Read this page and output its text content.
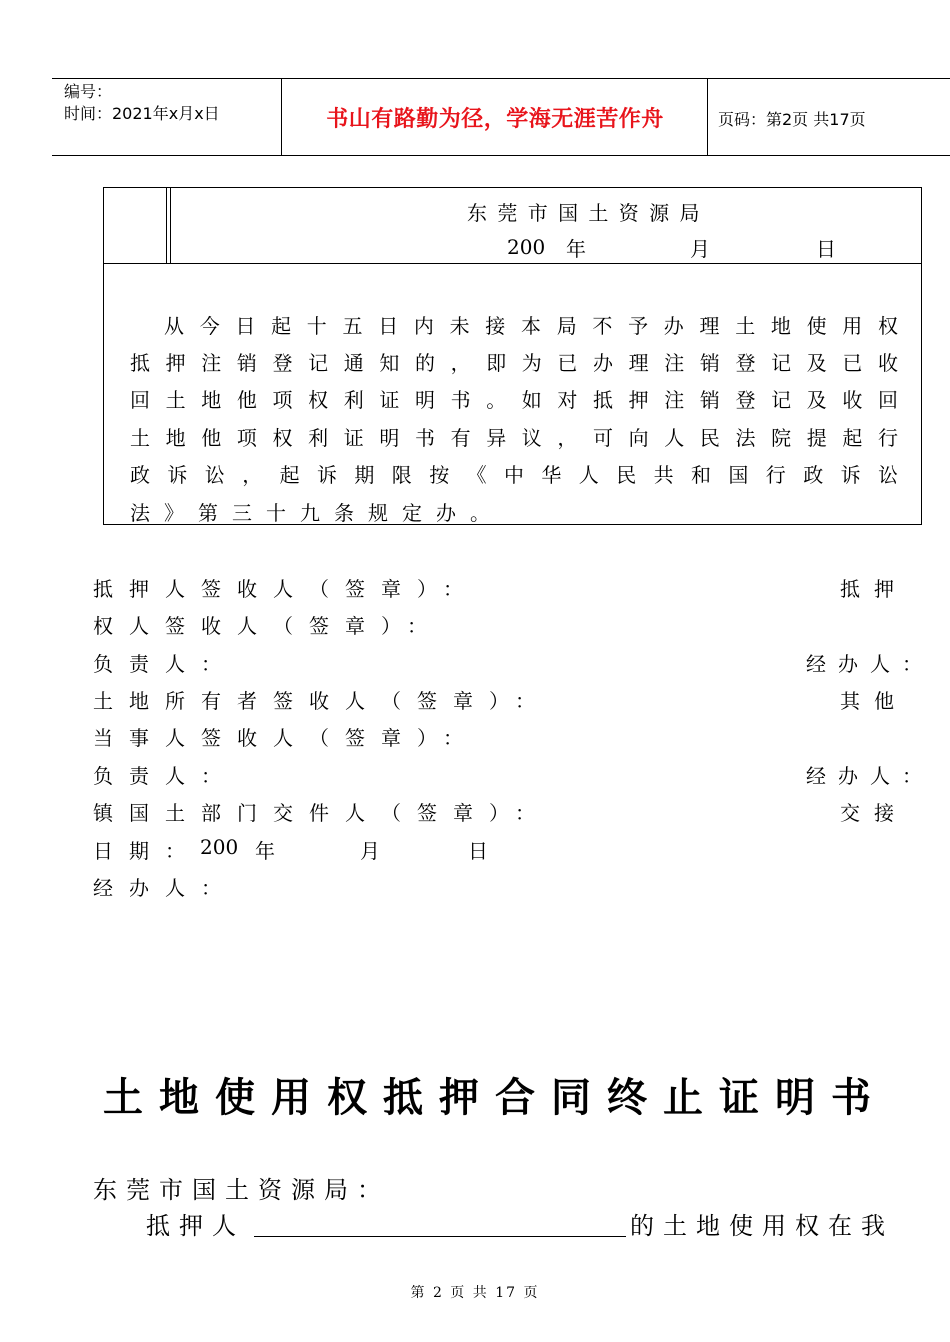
编号：
时间：2021年x月x日	书山有路勤为径，学海无涯苦作舟	页码：第2页 共17页
东 莞 市 国 土 资 源 局
200 年	月	日
从今日起十五日内未接本局不予办理土地使用权
抵押注销登记通知的，即为已办理注销登记及已收
回土地他项权利证明书。如对抵押注销登记及收回
土地他项权利证明书有异议，可向人民法院提起行
政诉讼，起诉期限按《中华人民共和国行政诉讼
法》第三十九条规定办。
抵押人签收人（签章）：	抵押
权人签收人（签章）：
负责人：	经办人：
土地所有者签收人（签章）：	其他
当事人签收人（签章）：
负责人：	经办人：
镇国土部门交件人（签章）：	交接
日期： 200 年	月	日
经办人：
土地使用权抵押合同终止证明书
东莞市国土资源局：
抵押人	的土地使用权在我
第 2 页 共 17 页
